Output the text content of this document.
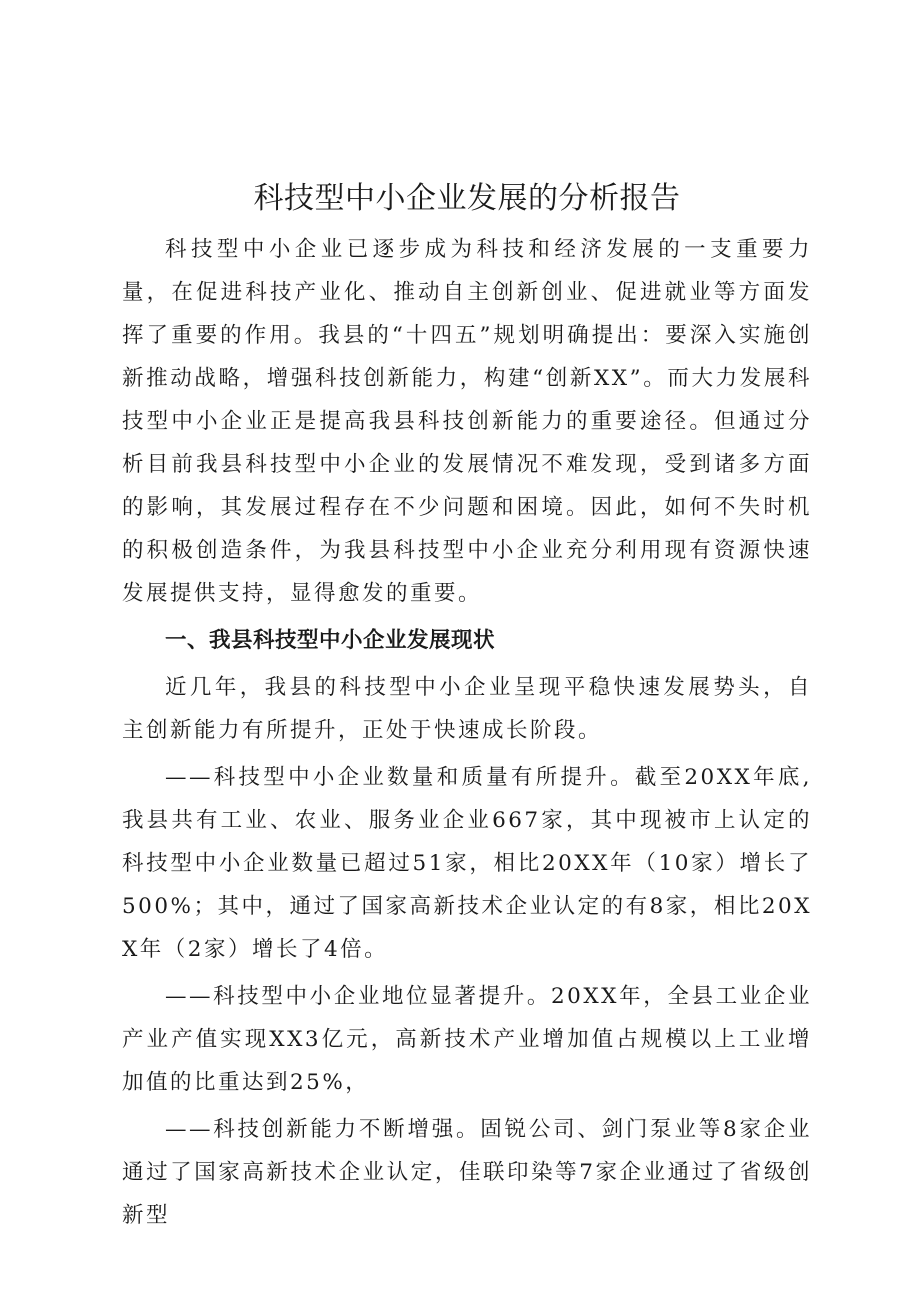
科技型中小企业发展的分析报告

科技型中小企业已逐步成为科技和经济发展的一支重要力量，在促进科技产业化、推动自主创新创业、促进就业等方面发挥了重要的作用。我县的“十四五”规划明确提出：要深入实施创新推动战略，增强科技创新能力，构建“创新XX”。而大力发展科技型中小企业正是提高我县科技创新能力的重要途径。但通过分析目前我县科技型中小企业的发展情况不难发现，受到诸多方面的影响，其发展过程存在不少问题和困境。因此，如何不失时机的积极创造条件，为我县科技型中小企业充分利用现有资源快速发展提供支持，显得愈发的重要。

一、我县科技型中小企业发展现状

近几年，我县的科技型中小企业呈现平稳快速发展势头，自主创新能力有所提升，正处于快速成长阶段。

——科技型中小企业数量和质量有所提升。截至20XX年底,我县共有工业、农业、服务业企业667家，其中现被市上认定的科技型中小企业数量已超过51家，相比20XX年（10家）增长了500%；其中，通过了国家高新技术企业认定的有8家，相比20XX年（2家）增长了4倍。

——科技型中小企业地位显著提升。20XX年，全县工业企业产业产值实现XX3亿元，高新技术产业增加值占规模以上工业增加值的比重达到25%，

——科技创新能力不断增强。固锐公司、剑门泵业等8家企业通过了国家高新技术企业认定，佳联印染等7家企业通过了省级创新型
